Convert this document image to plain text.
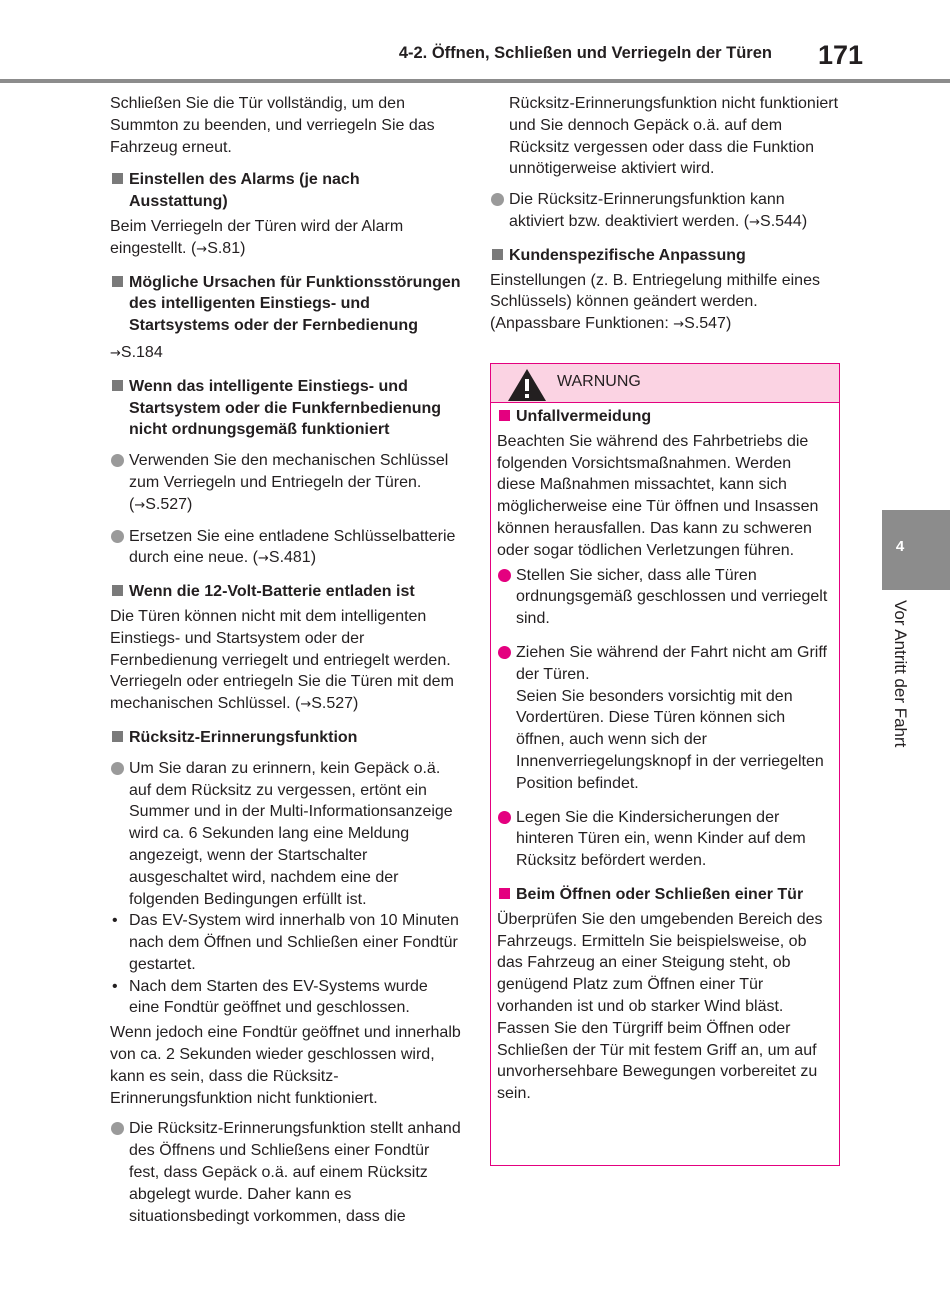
4-2. Öffnen, Schließen und Verriegeln der Türen 171
4
Vor Antritt der Fahrt

Schließen Sie die Tür vollständig, um den Summton zu beenden, und verriegeln Sie das Fahrzeug erneut.

Einstellen des Alarms (je nach Ausstattung)

Beim Verriegeln der Türen wird der Alarm eingestellt. (→S.81)

Mögliche Ursachen für Funktionsstörungen des intelligenten Einstiegs- und Startsystems oder der Fernbedienung

→S.184

Wenn das intelligente Einstiegs- und Startsystem oder die Funkfernbedienung nicht ordnungsgemäß funktioniert

Verwenden Sie den mechanischen Schlüssel zum Verriegeln und Entriegeln der Türen. (→S.527)

Ersetzen Sie eine entladene Schlüsselbatterie durch eine neue. (→S.481)

Wenn die 12-Volt-Batterie entladen ist

Die Türen können nicht mit dem intelligenten Einstiegs- und Startsystem oder der Fernbedienung verriegelt und entriegelt werden. Verriegeln oder entriegeln Sie die Türen mit dem mechanischen Schlüssel. (→S.527)

Rücksitz-Erinnerungsfunktion

Um Sie daran zu erinnern, kein Gepäck o.ä. auf dem Rücksitz zu vergessen, ertönt ein Summer und in der Multi-Informationsanzeige wird ca. 6 Sekunden lang eine Meldung angezeigt, wenn der Startschalter ausgeschaltet wird, nachdem eine der folgenden Bedingungen erfüllt ist.

• Das EV-System wird innerhalb von 10 Minuten nach dem Öffnen und Schließen einer Fondtür gestartet.

• Nach dem Starten des EV-Systems wurde eine Fondtür geöffnet und geschlossen.

Wenn jedoch eine Fondtür geöffnet und innerhalb von ca. 2 Sekunden wieder geschlossen wird, kann es sein, dass die Rücksitz-Erinnerungsfunktion nicht funktioniert.

Die Rücksitz-Erinnerungsfunktion stellt anhand des Öffnens und Schließens einer Fondtür fest, dass Gepäck o.ä. auf einem Rücksitz abgelegt wurde. Daher kann es situationsbedingt vorkommen, dass die

Rücksitz-Erinnerungsfunktion nicht funktioniert und Sie dennoch Gepäck o.ä. auf dem Rücksitz vergessen oder dass die Funktion unnötigerweise aktiviert wird.

Die Rücksitz-Erinnerungsfunktion kann aktiviert bzw. deaktiviert werden. (→S.544)

Kundenspezifische Anpassung

Einstellungen (z. B. Entriegelung mithilfe eines Schlüssels) können geändert werden. (Anpassbare Funktionen: →S.547)

WARNUNG

Unfallvermeidung

Beachten Sie während des Fahrbetriebs die folgenden Vorsichtsmaßnahmen. Werden diese Maßnahmen missachtet, kann sich möglicherweise eine Tür öffnen und Insassen können herausfallen. Das kann zu schweren oder sogar tödlichen Verletzungen führen.

Stellen Sie sicher, dass alle Türen ordnungsgemäß geschlossen und verriegelt sind.

Ziehen Sie während der Fahrt nicht am Griff der Türen.
Seien Sie besonders vorsichtig mit den Vordertüren. Diese Türen können sich öffnen, auch wenn sich der Innenverriegelungsknopf in der verriegelten Position befindet.

Legen Sie die Kindersicherungen der hinteren Türen ein, wenn Kinder auf dem Rücksitz befördert werden.

Beim Öffnen oder Schließen einer Tür

Überprüfen Sie den umgebenden Bereich des Fahrzeugs. Ermitteln Sie beispielsweise, ob das Fahrzeug an einer Steigung steht, ob genügend Platz zum Öffnen einer Tür vorhanden ist und ob starker Wind bläst. Fassen Sie den Türgriff beim Öffnen oder Schließen der Tür mit festem Griff an, um auf unvorhersehbare Bewegungen vorbereitet zu sein.
